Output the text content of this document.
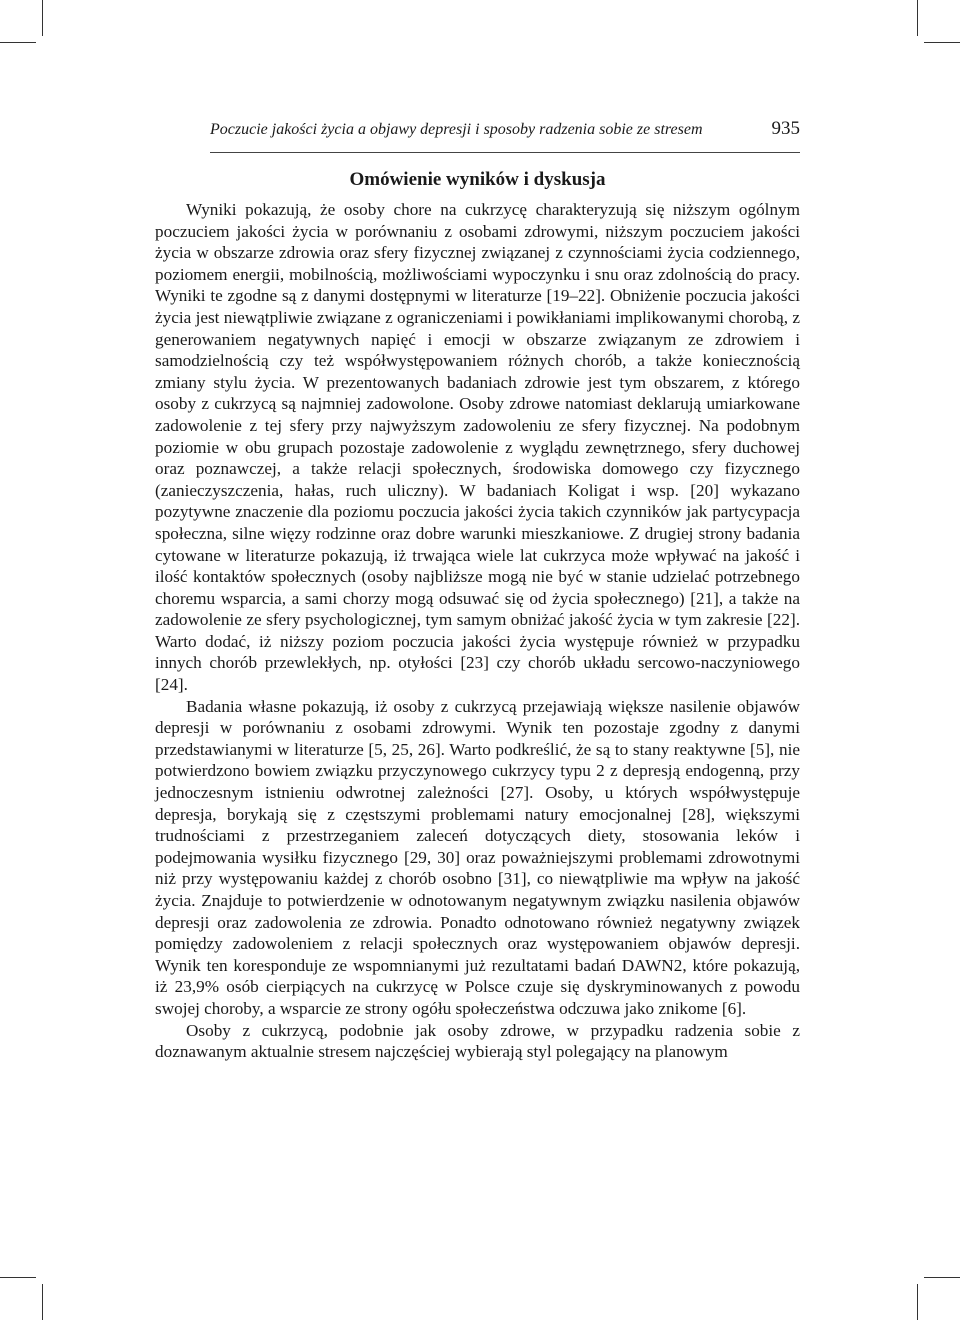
Poczucie jakości życia a objawy depresji i sposoby radzenia sobie ze stresem	935
Omówienie wyników i dyskusja

Wyniki pokazują, że osoby chore na cukrzycę charakteryzują się niższym ogólnym poczuciem jakości życia w porównaniu z osobami zdrowymi, niższym poczuciem jakości życia w obszarze zdrowia oraz sfery fizycznej związanej z czynnościami życia codziennego, poziomem energii, mobilnością, możliwościami wypoczynku i snu oraz zdolnością do pracy. Wyniki te zgodne są z danymi dostępnymi w literaturze [19–22]. Obniżenie poczucia jakości życia jest niewątpliwie związane z ograniczeniami i powikłaniami implikowanymi chorobą, z generowaniem negatywnych napięć i emocji w obszarze związanym ze zdrowiem i samodzielnością czy też współwystępowaniem różnych chorób, a także koniecznością zmiany stylu życia. W prezentowanych badaniach zdrowie jest tym obszarem, z którego osoby z cukrzycą są najmniej zadowolone. Osoby zdrowe natomiast deklarują umiarkowane zadowolenie z tej sfery przy najwyższym zadowoleniu ze sfery fizycznej. Na podobnym poziomie w obu grupach pozostaje zadowolenie z wyglądu zewnętrznego, sfery duchowej oraz poznawczej, a także relacji społecznych, środowiska domowego czy fizycznego (zanieczyszczenia, hałas, ruch uliczny). W badaniach Koligat i wsp. [20] wykazano pozytywne znaczenie dla poziomu poczucia jakości życia takich czynników jak partycypacja społeczna, silne więzy rodzinne oraz dobre warunki mieszkaniowe. Z drugiej strony badania cytowane w literaturze pokazują, iż trwająca wiele lat cukrzyca może wpływać na jakość i ilość kontaktów społecznych (osoby najbliższe mogą nie być w stanie udzielać potrzebnego choremu wsparcia, a sami chorzy mogą odsuwać się od życia społecznego) [21], a także na zadowolenie ze sfery psychologicznej, tym samym obniżać jakość życia w tym zakresie [22]. Warto dodać, iż niższy poziom poczucia jakości życia występuje również w przypadku innych chorób przewlekłych, np. otyłości [23] czy chorób układu sercowo-naczyniowego [24].

Badania własne pokazują, iż osoby z cukrzycą przejawiają większe nasilenie objawów depresji w porównaniu z osobami zdrowymi. Wynik ten pozostaje zgodny z danymi przedstawianymi w literaturze [5, 25, 26]. Warto podkreślić, że są to stany reaktywne [5], nie potwierdzono bowiem związku przyczynowego cukrzycy typu 2 z depresją endogenną, przy jednoczesnym istnieniu odwrotnej zależności [27]. Osoby, u których współwystępuje depresja, borykają się z częstszymi problemami natury emocjonalnej [28], większymi trudnościami z przestrzeganiem zaleceń dotyczących diety, stosowania leków i podejmowania wysiłku fizycznego [29, 30] oraz poważniejszymi problemami zdrowotnymi niż przy występowaniu każdej z chorób osobno [31], co niewątpliwie ma wpływ na jakość życia. Znajduje to potwierdzenie w odnotowanym negatywnym związku nasilenia objawów depresji oraz zadowolenia ze zdrowia. Ponadto odnotowano również negatywny związek pomiędzy zadowoleniem z relacji społecznych oraz występowaniem objawów depresji. Wynik ten koresponduje ze wspomnianymi już rezultatami badań DAWN2, które pokazują, iż 23,9% osób cierpiących na cukrzycę w Polsce czuje się dyskryminowanych z powodu swojej choroby, a wsparcie ze strony ogółu społeczeństwa odczuwa jako znikome [6].

Osoby z cukrzycą, podobnie jak osoby zdrowe, w przypadku radzenia sobie z doznawanym aktualnie stresem najczęściej wybierają styl polegający na planowym
